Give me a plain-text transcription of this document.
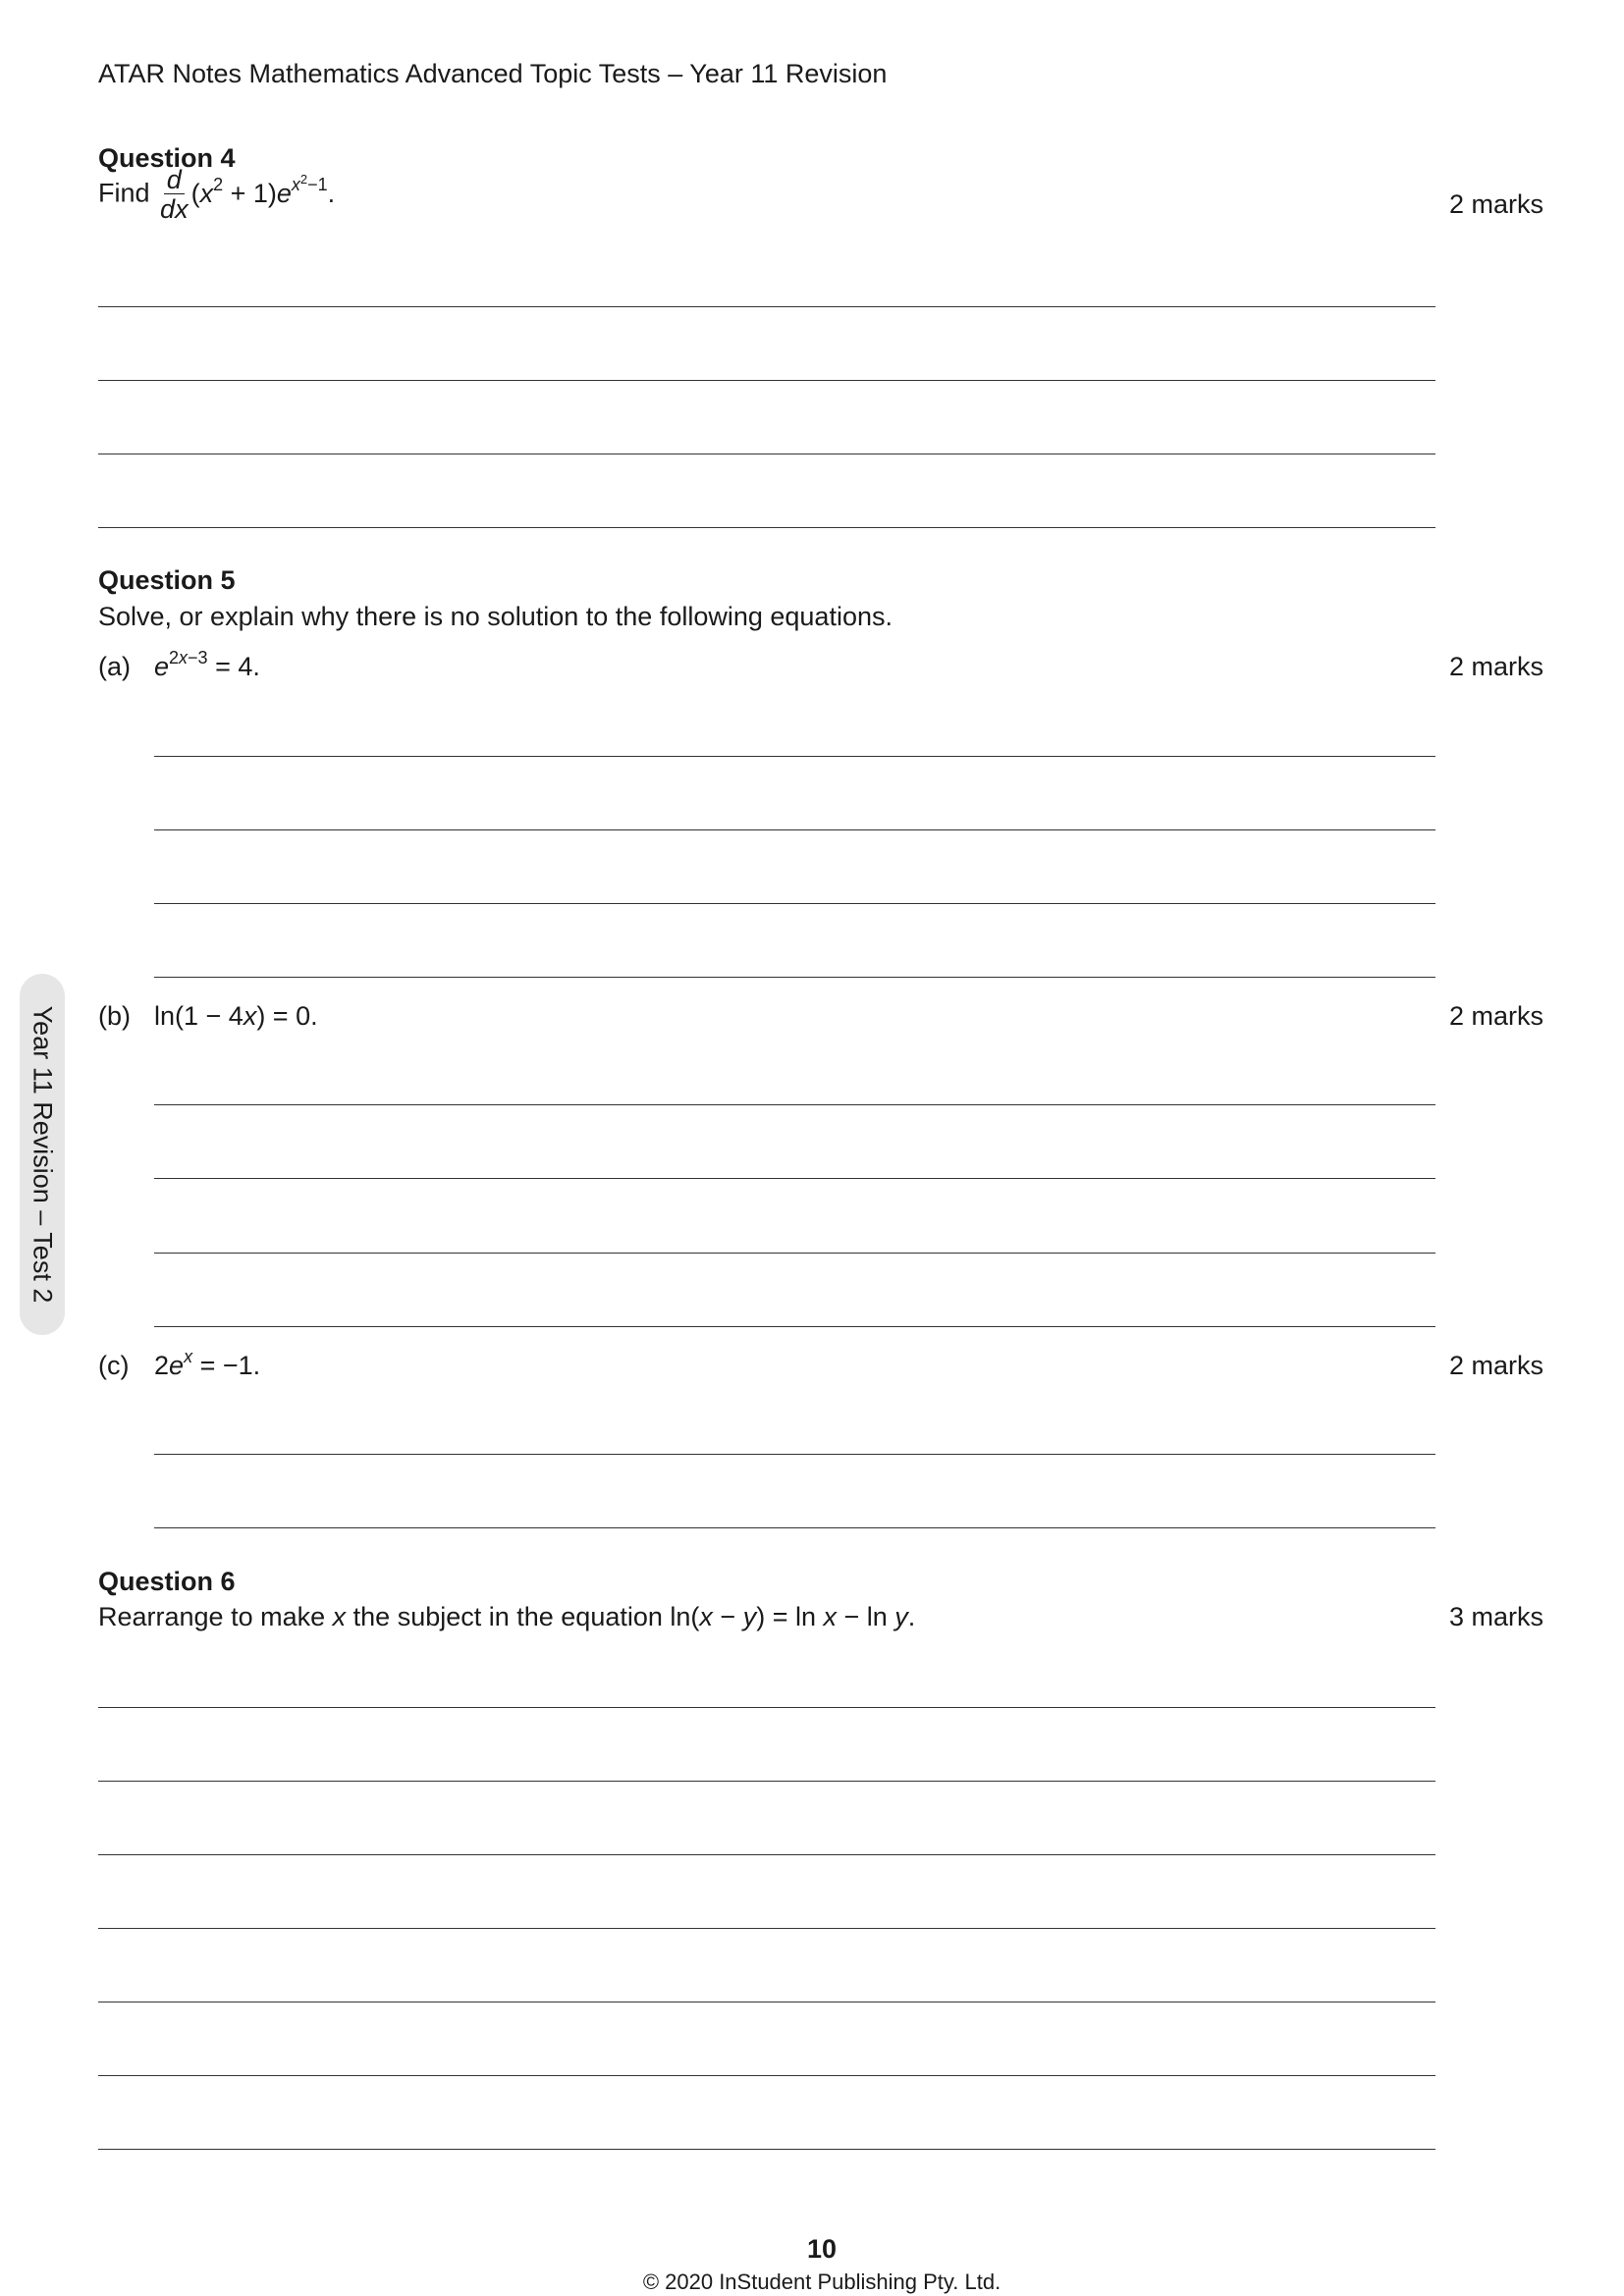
ATAR Notes Mathematics Advanced Topic Tests – Year 11 Revision
Year 11 Revision – Test 2
Question 4
Find $\frac{d}{dx} (x^2 + 1)e^{x^2-1}$.	2 marks
Question 5
Solve, or explain why there is no solution to the following equations.
(a) $e^{2x-3} = 4$.	2 marks
(b) ln(1 − 4x) = 0.	2 marks
(c) $2e^x = -1$.	2 marks
Question 6
Rearrange to make x the subject in the equation ln(x − y) = ln x − ln y.	3 marks
10
© 2020 InStudent Publishing Pty. Ltd.
